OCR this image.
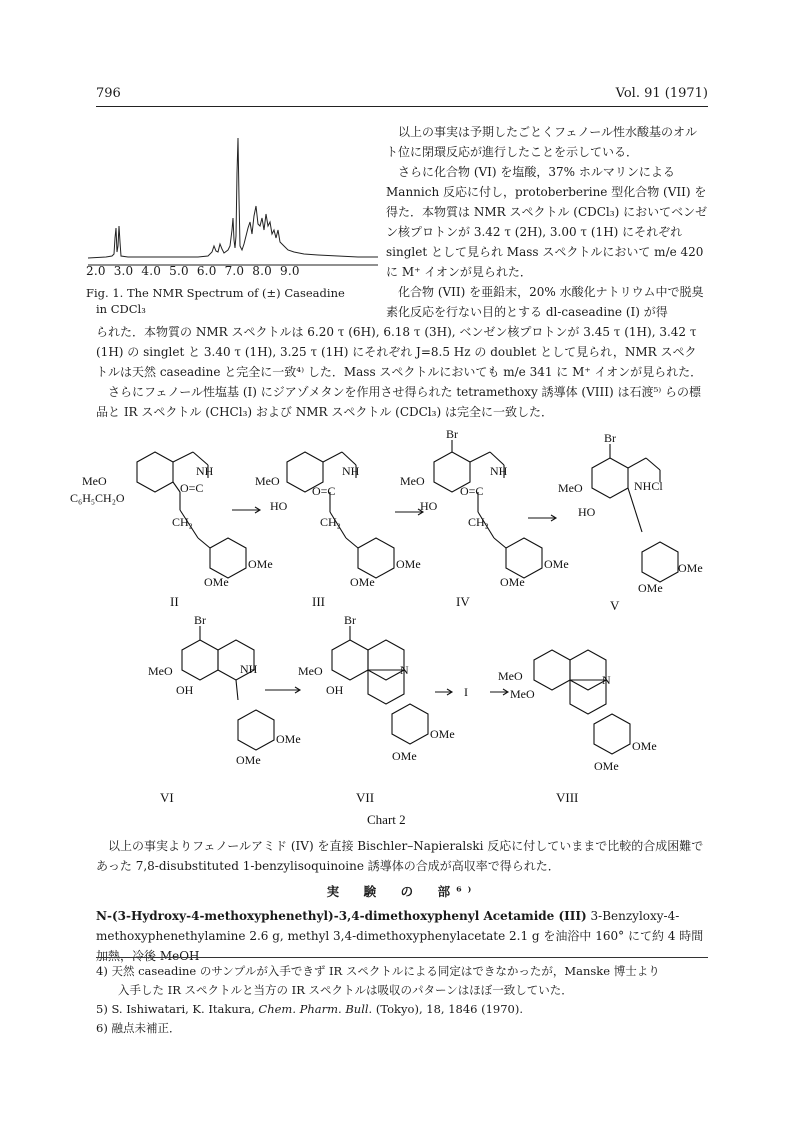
796	Vol. 91 (1971)
2.0  3.0  4.0  5.0  6.0  7.0  8.0  9.0
Fig. 1. The NMR Spectrum of (±) Caseadine
in CDCl₃
以上の事実は予期したごとくフェノール性水酸基のオルト位に閉環反応が進行したことを示している．
さらに化合物 (VI) を塩酸，37% ホルマリンによる Mannich 反応に付し，protoberberine 型化合物 (VII) を得た．本物質は NMR スペクトル (CDCl₃) においてベンゼン核プロトンが 3.42 τ (2H), 3.00 τ (1H) にそれぞれ singlet として見られ Mass スペクトルにおいて m/e 420 に M⁺ イオンが見られた．
化合物 (VII) を亜鉛末，20% 水酸化ナトリウム中で脱臭素化反応を行ない目的とする dl-caseadine (I) が得
られた．本物質の NMR スペクトルは 6.20 τ (6H), 6.18 τ (3H), ベンゼン核プロトンが 3.45 τ (1H), 3.42 τ (1H) の singlet と 3.40 τ (1H), 3.25 τ (1H) にそれぞれ J=8.5 Hz の doublet として見られ，NMR スペクトルは天然 caseadine と完全に一致⁴⁾ した．Mass スペクトルにおいても m/e 341 に M⁺ イオンが見られた．
さらにフェノール性塩基 (I) にジアゾメタンを作用させ得られた tetramethoxy 誘導体 (VIII) は石渡⁵⁾ らの標品と IR スペクトル (CHCl₃) および NMR スペクトル (CDCl₃) は完全に一致した．
MeO
C₆H₅CH₂O
O=C
NH
CH₂
OMe
OMe
MeO
HO
O=C
NH
CH₂
OMe
OMe
Br
MeO
HO
O=C
NH
CH₂
OMe
OMe
Br
MeO
HO
NHCl
OMe
OMe
Br
MeO
OH
NH
OMe
OMe
Br
MeO
OH
N
OMe
OMe
I
MeO
MeO
N
OMe
OMe
II	III	IV	V
VI	VII	VIII
Chart 2
以上の事実よりフェノールアミド (IV) を直接 Bischler–Napieralski 反応に付していままで比較的合成困難であった 7,8-disubstituted 1-benzylisoquinoine 誘導体の合成が高収率で得られた．
実　験　の　部⁶⁾
N-(3-Hydroxy-4-methoxyphenethyl)-3,4-dimethoxyphenyl Acetamide (III) 3-Benzyloxy-4-methoxyphenethylamine 2.6 g, methyl 3,4-dimethoxyphenylacetate 2.1 g を油浴中 160° にて約 4 時間加熱，冷後 MeOH
4) 天然 caseadine のサンプルが入手できず IR スペクトルによる同定はできなかったが，Manske 博士より
入手した IR スペクトルと当方の IR スペクトルは吸収のパターンはほぼ一致していた．
5) S. Ishiwatari, K. Itakura, Chem. Pharm. Bull. (Tokyo), 18, 1846 (1970).
6) 融点未補正．
